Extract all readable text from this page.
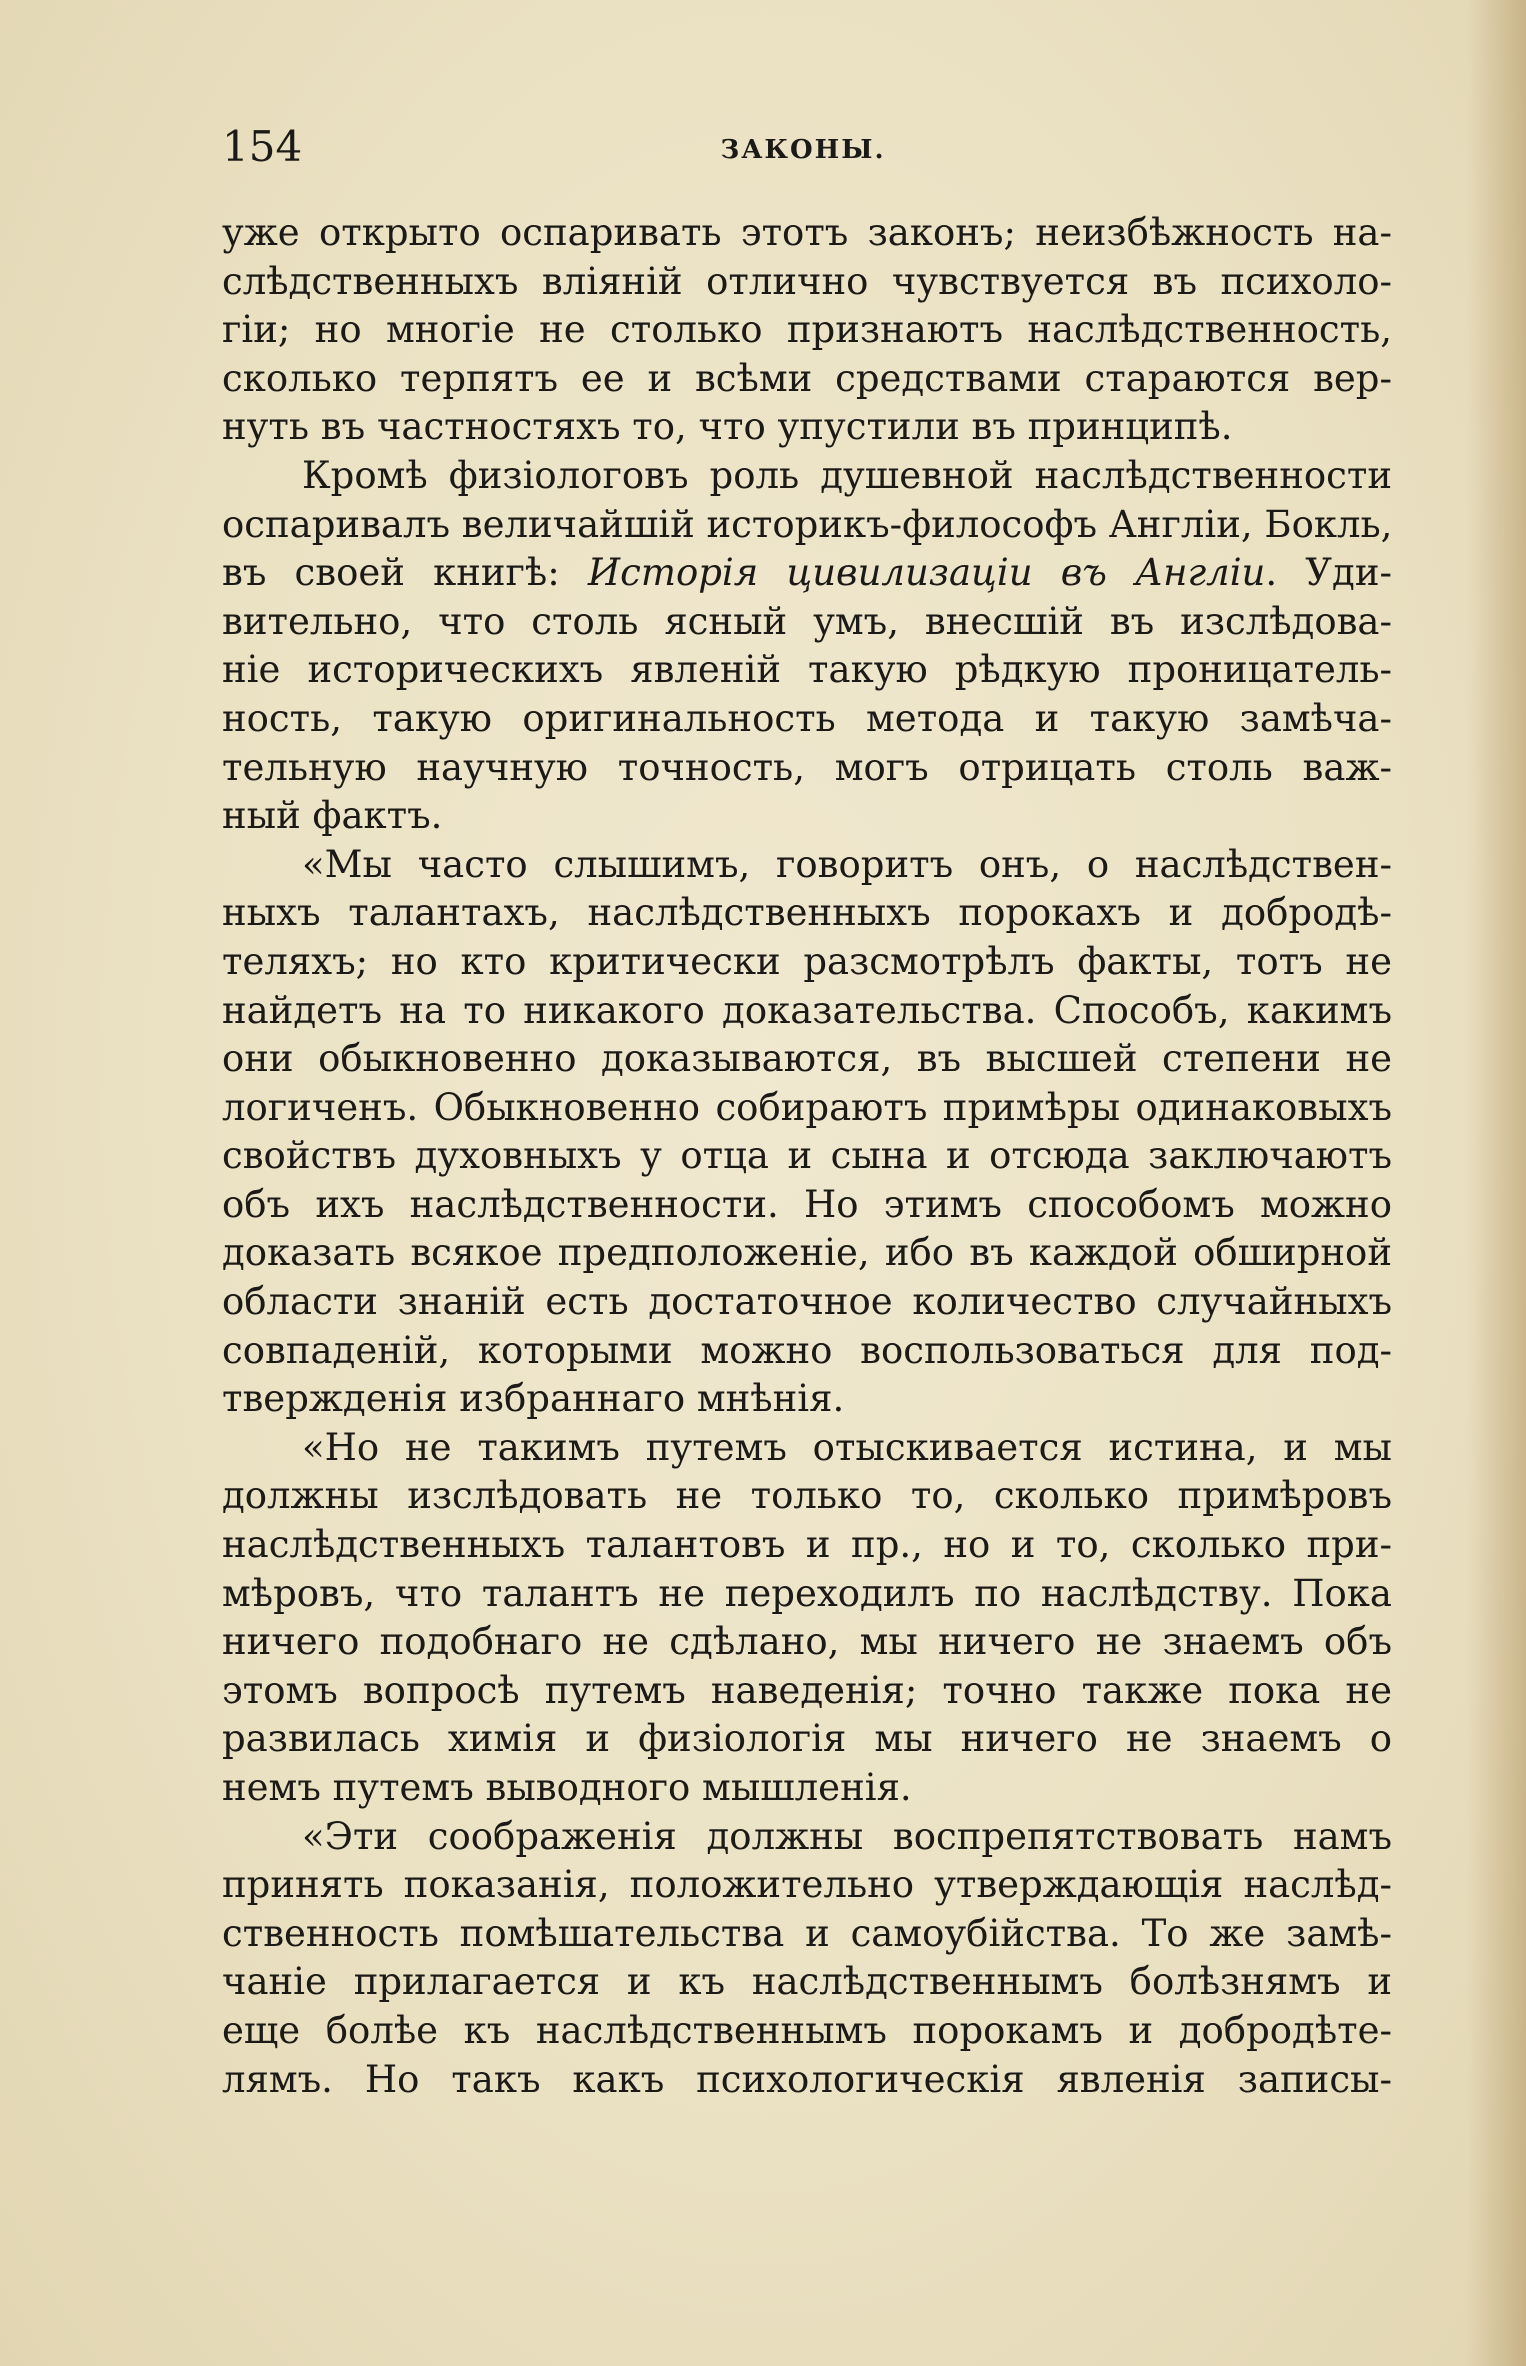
154	ЗАКОНЫ.
уже открыто оспаривать этотъ законъ; неизбѣжность на-
слѣдственныхъ вліяній отлично чувствуется въ психоло-
гіи; но многіе не столько признаютъ наслѣдственность,
сколько терпятъ ее и всѣми средствами стараются вер-
нуть въ частностяхъ то, что упустили въ принципѣ.
Кромѣ физіологовъ роль душевной наслѣдственности
оспаривалъ величайшій историкъ-философъ Англіи, Бокль,
въ своей книгѣ: Исторія цивилизаціи въ Англіи. Уди-
вительно, что столь ясный умъ, внесшій въ изслѣдова-
ніе историческихъ явленій такую рѣдкую проницатель-
ность, такую оригинальность метода и такую замѣча-
тельную научную точность, могъ отрицать столь важ-
ный фактъ.
«Мы часто слышимъ, говоритъ онъ, о наслѣдствен-
ныхъ талантахъ, наслѣдственныхъ порокахъ и добродѣ-
теляхъ; но кто критически разсмотрѣлъ факты, тотъ не
найдетъ на то никакого доказательства. Способъ, какимъ
они обыкновенно доказываются, въ высшей степени не
логиченъ. Обыкновенно собираютъ примѣры одинаковыхъ
свойствъ духовныхъ у отца и сына и отсюда заключаютъ
объ ихъ наслѣдственности. Но этимъ способомъ можно
доказать всякое предположеніе, ибо въ каждой обширной
области знаній есть достаточное количество случайныхъ
совпаденій, которыми можно воспользоваться для под-
твержденія избраннаго мнѣнія.
«Но не такимъ путемъ отыскивается истина, и мы
должны изслѣдовать не только то, сколько примѣровъ
наслѣдственныхъ талантовъ и пр., но и то, сколько при-
мѣровъ, что талантъ не переходилъ по наслѣдству. Пока
ничего подобнаго не сдѣлано, мы ничего не знаемъ объ
этомъ вопросѣ путемъ наведенія; точно также пока не
развилась химія и физіологія мы ничего не знаемъ о
немъ путемъ выводного мышленія.
«Эти соображенія должны воспрепятствовать намъ
принять показанія, положительно утверждающія наслѣд-
ственность помѣшательства и самоубійства. То же замѣ-
чаніе прилагается и къ наслѣдственнымъ болѣзнямъ и
еще болѣе къ наслѣдственнымъ порокамъ и добродѣте-
лямъ. Но такъ какъ психологическія явленія записы-
